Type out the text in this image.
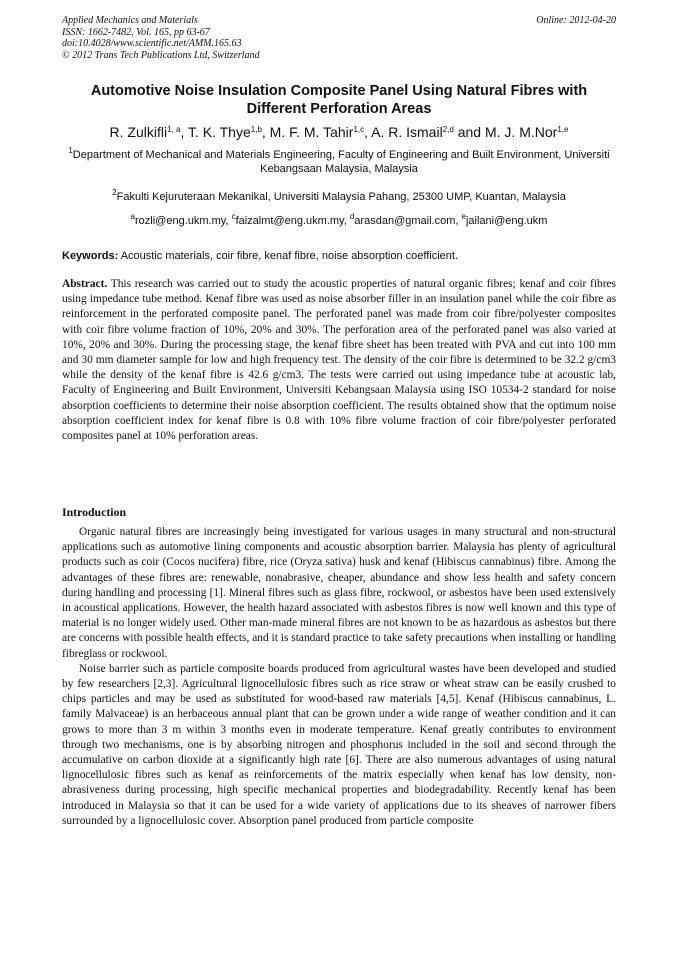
Applied Mechanics and Materials
ISSN: 1662-7482, Vol. 165, pp 63-67
doi:10.4028/www.scientific.net/AMM.165.63
© 2012 Trans Tech Publications Ltd, Switzerland
Online: 2012-04-20
Automotive Noise Insulation Composite Panel Using Natural Fibres with Different Perforation Areas
R. Zulkifli$^{1, a}$, T. K. Thye$^{1,b}$, M. F. M. Tahir$^{1,c}$, A. R. Ismail$^{2,d}$ and M. J. M.Nor$^{1,e}$
$^1$Department of Mechanical and Materials Engineering, Faculty of Engineering and Built Environment, Universiti Kebangsaan Malaysia, Malaysia
$^2$Fakulti Kejuruteraan Mekanikal, Universiti Malaysia Pahang, 25300 UMP, Kuantan, Malaysia
$^a$rozli@eng.ukm.my, $^c$faizalmt@eng.ukm.my, $^d$arasdan@gmail.com, $^e$jailani@eng.ukm
Keywords: Acoustic materials, coir fibre, kenaf fibre, noise absorption coefficient.
Abstract. This research was carried out to study the acoustic properties of natural organic fibres; kenaf and coir fibres using impedance tube method. Kenaf fibre was used as noise absorber filler in an insulation panel while the coir fibre as reinforcement in the perforated composite panel. The perforated panel was made from coir fibre/polyester composites with coir fibre volume fraction of 10%, 20% and 30%. The perforation area of the perforated panel was also varied at 10%, 20% and 30%. During the processing stage, the kenaf fibre sheet has been treated with PVA and cut into 100 mm and 30 mm diameter sample for low and high frequency test. The density of the coir fibre is determined to be 32.2 g/cm3 while the density of the kenaf fibre is 42.6 g/cm3. The tests were carried out using impedance tube at acoustic lab, Faculty of Engineering and Built Environment, Universiti Kebangsaan Malaysia using ISO 10534-2 standard for noise absorption coefficients to determine their noise absorption coefficient. The results obtained show that the optimum noise absorption coefficient index for kenaf fibre is 0.8 with 10% fibre volume fraction of coir fibre/polyester perforated composites panel at 10% perforation areas.
Introduction

Organic natural fibres are increasingly being investigated for various usages in many structural and non-structural applications such as automotive lining components and acoustic absorption barrier. Malaysia has plenty of agricultural products such as coir (Cocos nucifera) fibre, rice (Oryza sativa) husk and kenaf (Hibiscus cannabinus) fibre. Among the advantages of these fibres are: renewable, nonabrasive, cheaper, abundance and show less health and safety concern during handling and processing [1]. Mineral fibres such as glass fibre, rockwool, or asbestos have been used extensively in acoustical applications. However, the health hazard associated with asbestos fibres is now well known and this type of material is no longer widely used. Other man-made mineral fibres are not known to be as hazardous as asbestos but there are concerns with possible health effects, and it is standard practice to take safety precautions when installing or handling fibreglass or rockwool.

Noise barrier such as particle composite boards produced from agricultural wastes have been developed and studied by few researchers [2,3]. Agricultural lignocellulosic fibres such as rice straw or wheat straw can be easily crushed to chips particles and may be used as substituted for wood-based raw materials [4,5]. Kenaf (Hibiscus cannabinus, L. family Malvaceae) is an herbaceous annual plant that can be grown under a wide range of weather condition and it can grows to more than 3 m within 3 months even in moderate temperature. Kenaf greatly contributes to environment through two mechanisms, one is by absorbing nitrogen and phosphorus included in the soil and second through the accumulative on carbon dioxide at a significantly high rate [6]. There are also numerous advantages of using natural lignocellulosic fibres such as kenaf as reinforcements of the matrix especially when kenaf has low density, non-abrasiveness during processing, high specific mechanical properties and biodegradability. Recently kenaf has been introduced in Malaysia so that it can be used for a wide variety of applications due to its sheaves of narrower fibers surrounded by a lignocellulosic cover. Absorption panel produced from particle composite
